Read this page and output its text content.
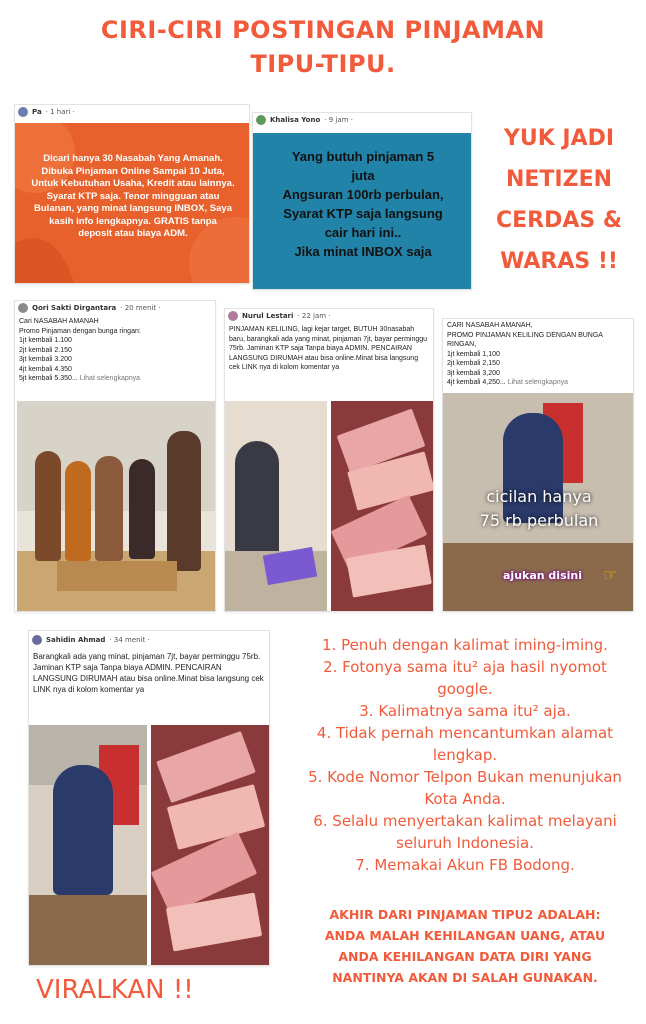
CIRI-CIRI POSTINGAN PINJAMAN
TIPU-TIPU.
Pa · 1 hari ·
Dicari hanya 30 Nasabah Yang Amanah. Dibuka Pinjaman Online Sampai 10 Juta, Untuk Kebutuhan Usaha, Kredit atau lainnya. Syarat KTP saja. Tenor mingguan atau Bulanan, yang minat langsung INBOX, Saya kasih info lengkapnya. GRATIS tanpa deposit atau biaya ADM.
Khalisa Yono · 9 jam ·
Yang butuh pinjaman 5
juta
Angsuran 100rb perbulan,
Syarat KTP saja langsung
cair hari ini..
Jika minat INBOX saja
YUK JADI
NETIZEN
CERDAS &
WARAS !!
Qori Sakti Dirgantara · 20 menit ·
Cari NASABAH AMANAH
Promo Pinjaman dengan bunga ringan:
1jt kembali 1.100
2jt kembali 2.150
3jt kembali 3.200
4jt kembali 4.350
5jt kembali 5.350... Lihat selengkapnya
Nurul Lestari · 22 jam ·
PINJAMAN KELILING, lagi kejar target, BUTUH 30nasabah baru, barangkali ada yang minat, pinjaman 7jt, bayar perminggu 75rb. Jaminan KTP saja Tanpa biaya ADMIN. PENCAIRAN LANGSUNG DIRUMAH atau bisa online.Minat bisa langsung cek LINK nya di kolom komentar ya
CARI NASABAH AMANAH,
PROMO PINJAMAN KELILING DENGAN BUNGA
RINGAN,
1jt kembali 1,100
2jt kembali 2,150
3jt kembali 3,200
4jt kembali 4,250... Lihat selengkapnya
cicilan hanya
75 rb perbulan
ajukan disini ☞
Sahidin Ahmad · 34 menit ·
Barangkali ada yang minat, pinjaman 7jt, bayar perminggu 75rb. Jaminan KTP saja Tanpa biaya ADMIN. PENCAIRAN LANGSUNG DIRUMAH atau bisa online.Minat bisa langsung cek LINK nya di kolom komentar ya
1. Penuh dengan kalimat iming-iming.
2. Fotonya sama itu² aja hasil nyomot
google.
3. Kalimatnya sama itu² aja.
4. Tidak pernah mencantumkan alamat
lengkap.
5. Kode Nomor Telpon Bukan menunjukan
Kota Anda.
6. Selalu menyertakan kalimat melayani
seluruh Indonesia.
7. Memakai Akun FB Bodong.
AKHIR DARI PINJAMAN TIPU2 ADALAH:
ANDA MALAH KEHILANGAN UANG, ATAU
ANDA KEHILANGAN DATA DIRI YANG
NANTINYA AKAN DI SALAH GUNAKAN.
VIRALKAN !!
